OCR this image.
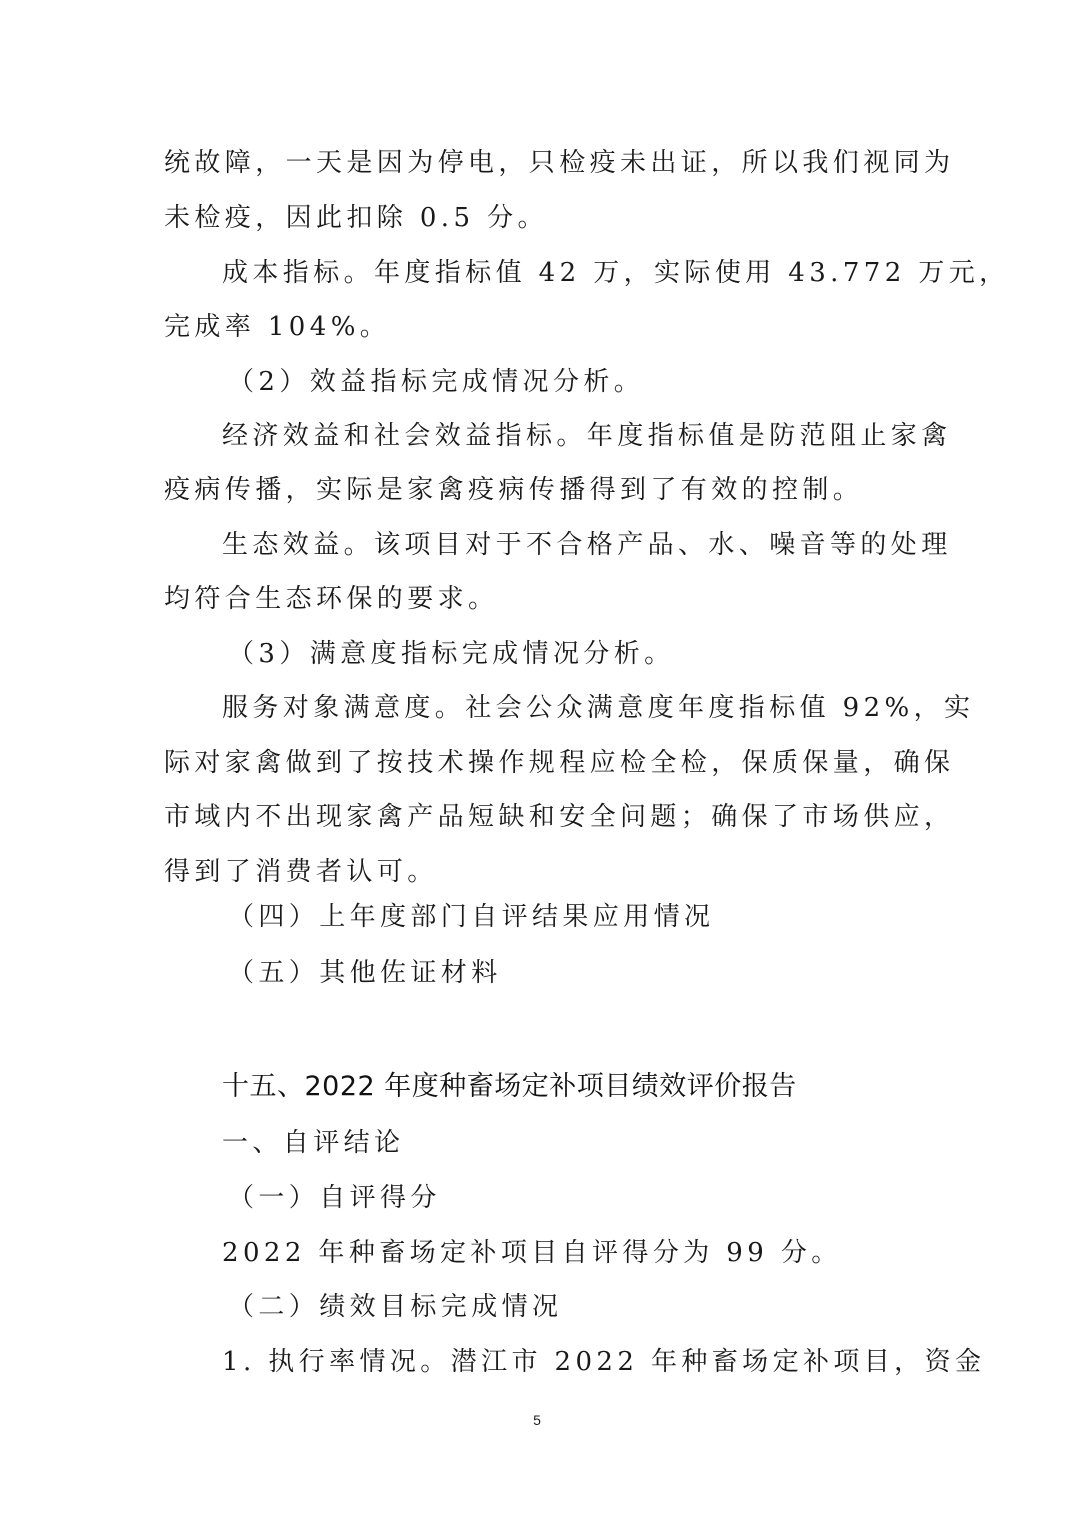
统故障，一天是因为停电，只检疫未出证，所以我们视同为
未检疫，因此扣除 0.5 分。
成本指标。年度指标值 42 万，实际使用 43.772 万元，
完成率 104%。
（2）效益指标完成情况分析。
经济效益和社会效益指标。年度指标值是防范阻止家禽
疫病传播，实际是家禽疫病传播得到了有效的控制。
生态效益。该项目对于不合格产品、水、噪音等的处理
均符合生态环保的要求。
（3）满意度指标完成情况分析。
服务对象满意度。社会公众满意度年度指标值 92%，实
际对家禽做到了按技术操作规程应检全检，保质保量，确保
市域内不出现家禽产品短缺和安全问题；确保了市场供应，
得到了消费者认可。
（四）上年度部门自评结果应用情况
（五）其他佐证材料
十五、2022 年度种畜场定补项目绩效评价报告
一、自评结论
（一）自评得分
2022 年种畜场定补项目自评得分为 99 分。
（二）绩效目标完成情况
1. 执行率情况。潜江市 2022 年种畜场定补项目，资金
5
